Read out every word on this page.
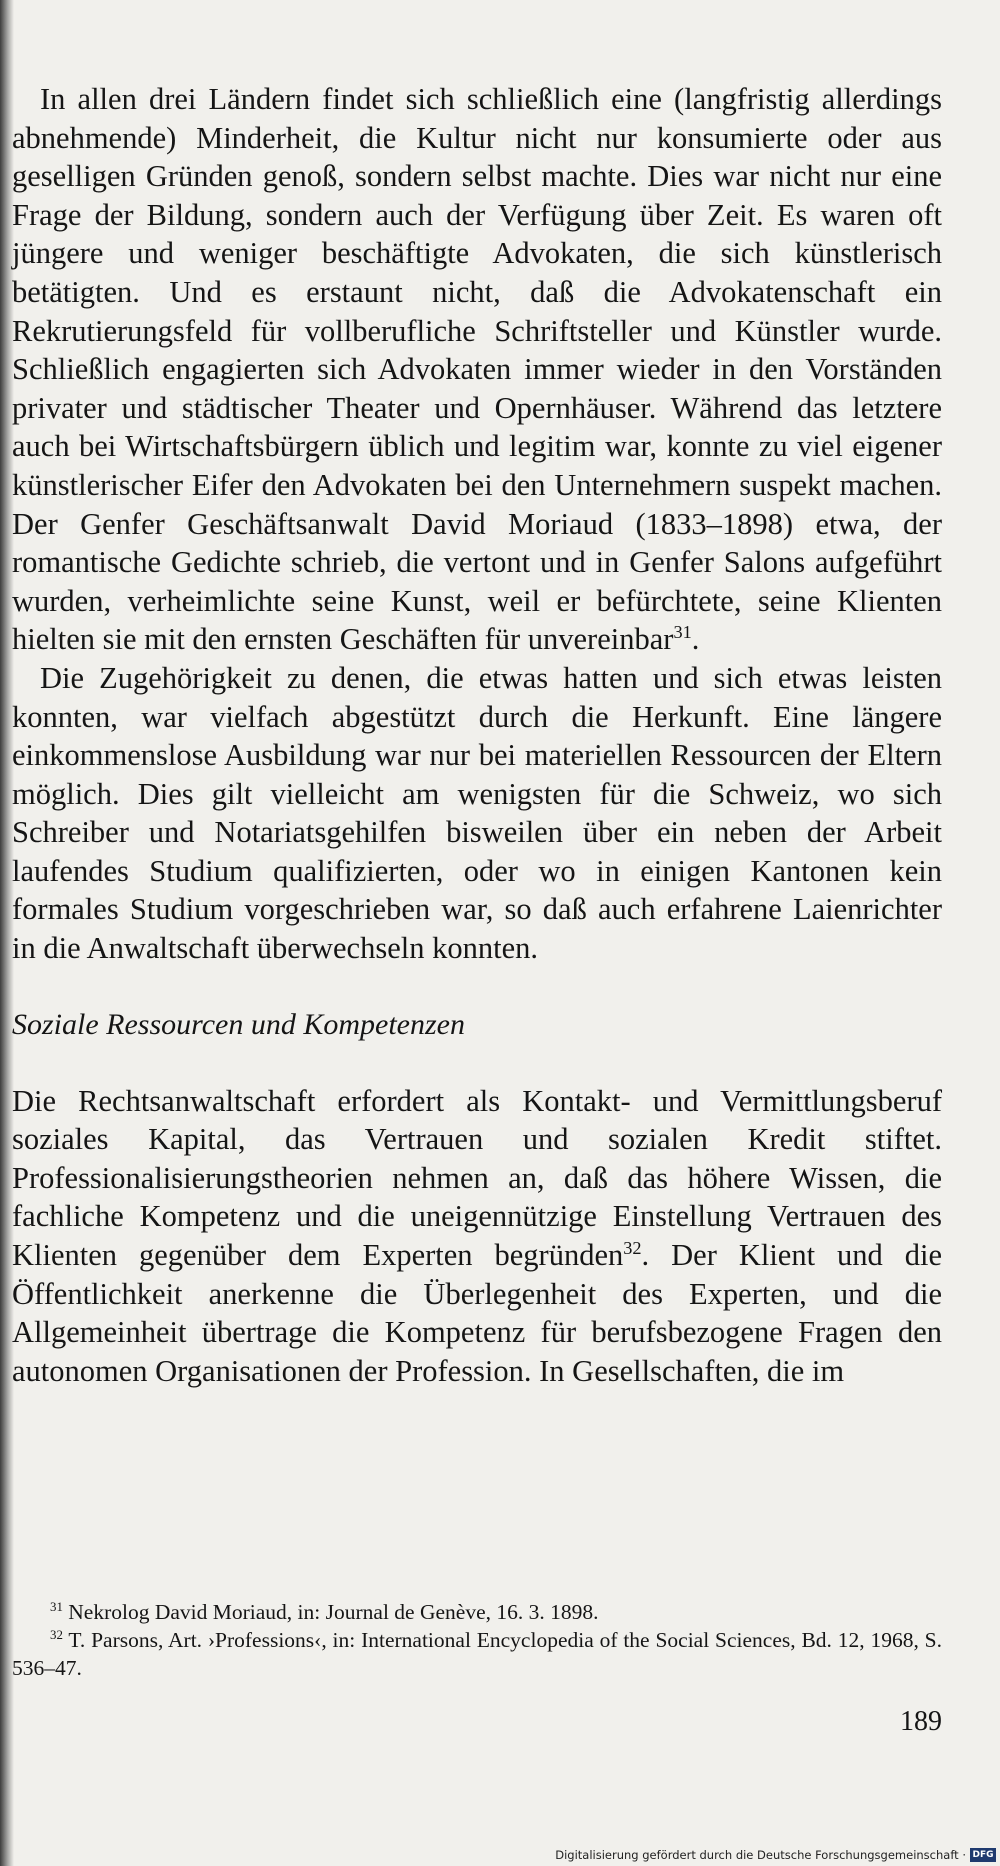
In allen drei Ländern findet sich schließlich eine (langfristig allerdings abnehmende) Minderheit, die Kultur nicht nur konsumierte oder aus geselligen Gründen genoß, sondern selbst machte. Dies war nicht nur eine Frage der Bildung, sondern auch der Verfügung über Zeit. Es waren oft jüngere und weniger beschäftigte Advokaten, die sich künstlerisch betätigten. Und es erstaunt nicht, daß die Advokatenschaft ein Rekrutierungsfeld für vollberufliche Schriftsteller und Künstler wurde. Schließlich engagierten sich Advokaten immer wieder in den Vorständen privater und städtischer Theater und Opernhäuser. Während das letztere auch bei Wirtschaftsbürgern üblich und legitim war, konnte zu viel eigener künstlerischer Eifer den Advokaten bei den Unternehmern suspekt machen. Der Genfer Geschäftsanwalt David Moriaud (1833–1898) etwa, der romantische Gedichte schrieb, die vertont und in Genfer Salons aufgeführt wurden, verheimlichte seine Kunst, weil er befürchtete, seine Klienten hielten sie mit den ernsten Geschäften für unvereinbar$^{31}$.

Die Zugehörigkeit zu denen, die etwas hatten und sich etwas leisten konnten, war vielfach abgestützt durch die Herkunft. Eine längere einkommenslose Ausbildung war nur bei materiellen Ressourcen der Eltern möglich. Dies gilt vielleicht am wenigsten für die Schweiz, wo sich Schreiber und Notariatsgehilfen bisweilen über ein neben der Arbeit laufendes Studium qualifizierten, oder wo in einigen Kantonen kein formales Studium vorgeschrieben war, so daß auch erfahrene Laienrichter in die Anwaltschaft überwechseln konnten.

Soziale Ressourcen und Kompetenzen

Die Rechtsanwaltschaft erfordert als Kontakt- und Vermittlungsberuf soziales Kapital, das Vertrauen und sozialen Kredit stiftet. Professionalisierungstheorien nehmen an, daß das höhere Wissen, die fachliche Kompetenz und die uneigennützige Einstellung Vertrauen des Klienten gegenüber dem Experten begründen$^{32}$. Der Klient und die Öffentlichkeit anerkenne die Überlegenheit des Experten, und die Allgemeinheit übertrage die Kompetenz für berufsbezogene Fragen den autonomen Organisationen der Profession. In Gesellschaften, die im

$^{31}$ Nekrolog David Moriaud, in: Journal de Genève, 16. 3. 1898.

$^{32}$ T. Parsons, Art. ›Professions‹, in: International Encyclopedia of the Social Sciences, Bd. 12, 1968, S. 536–47.

189
Digitalisierung gefördert durch die Deutsche Forschungsgemeinschaft · DFG
